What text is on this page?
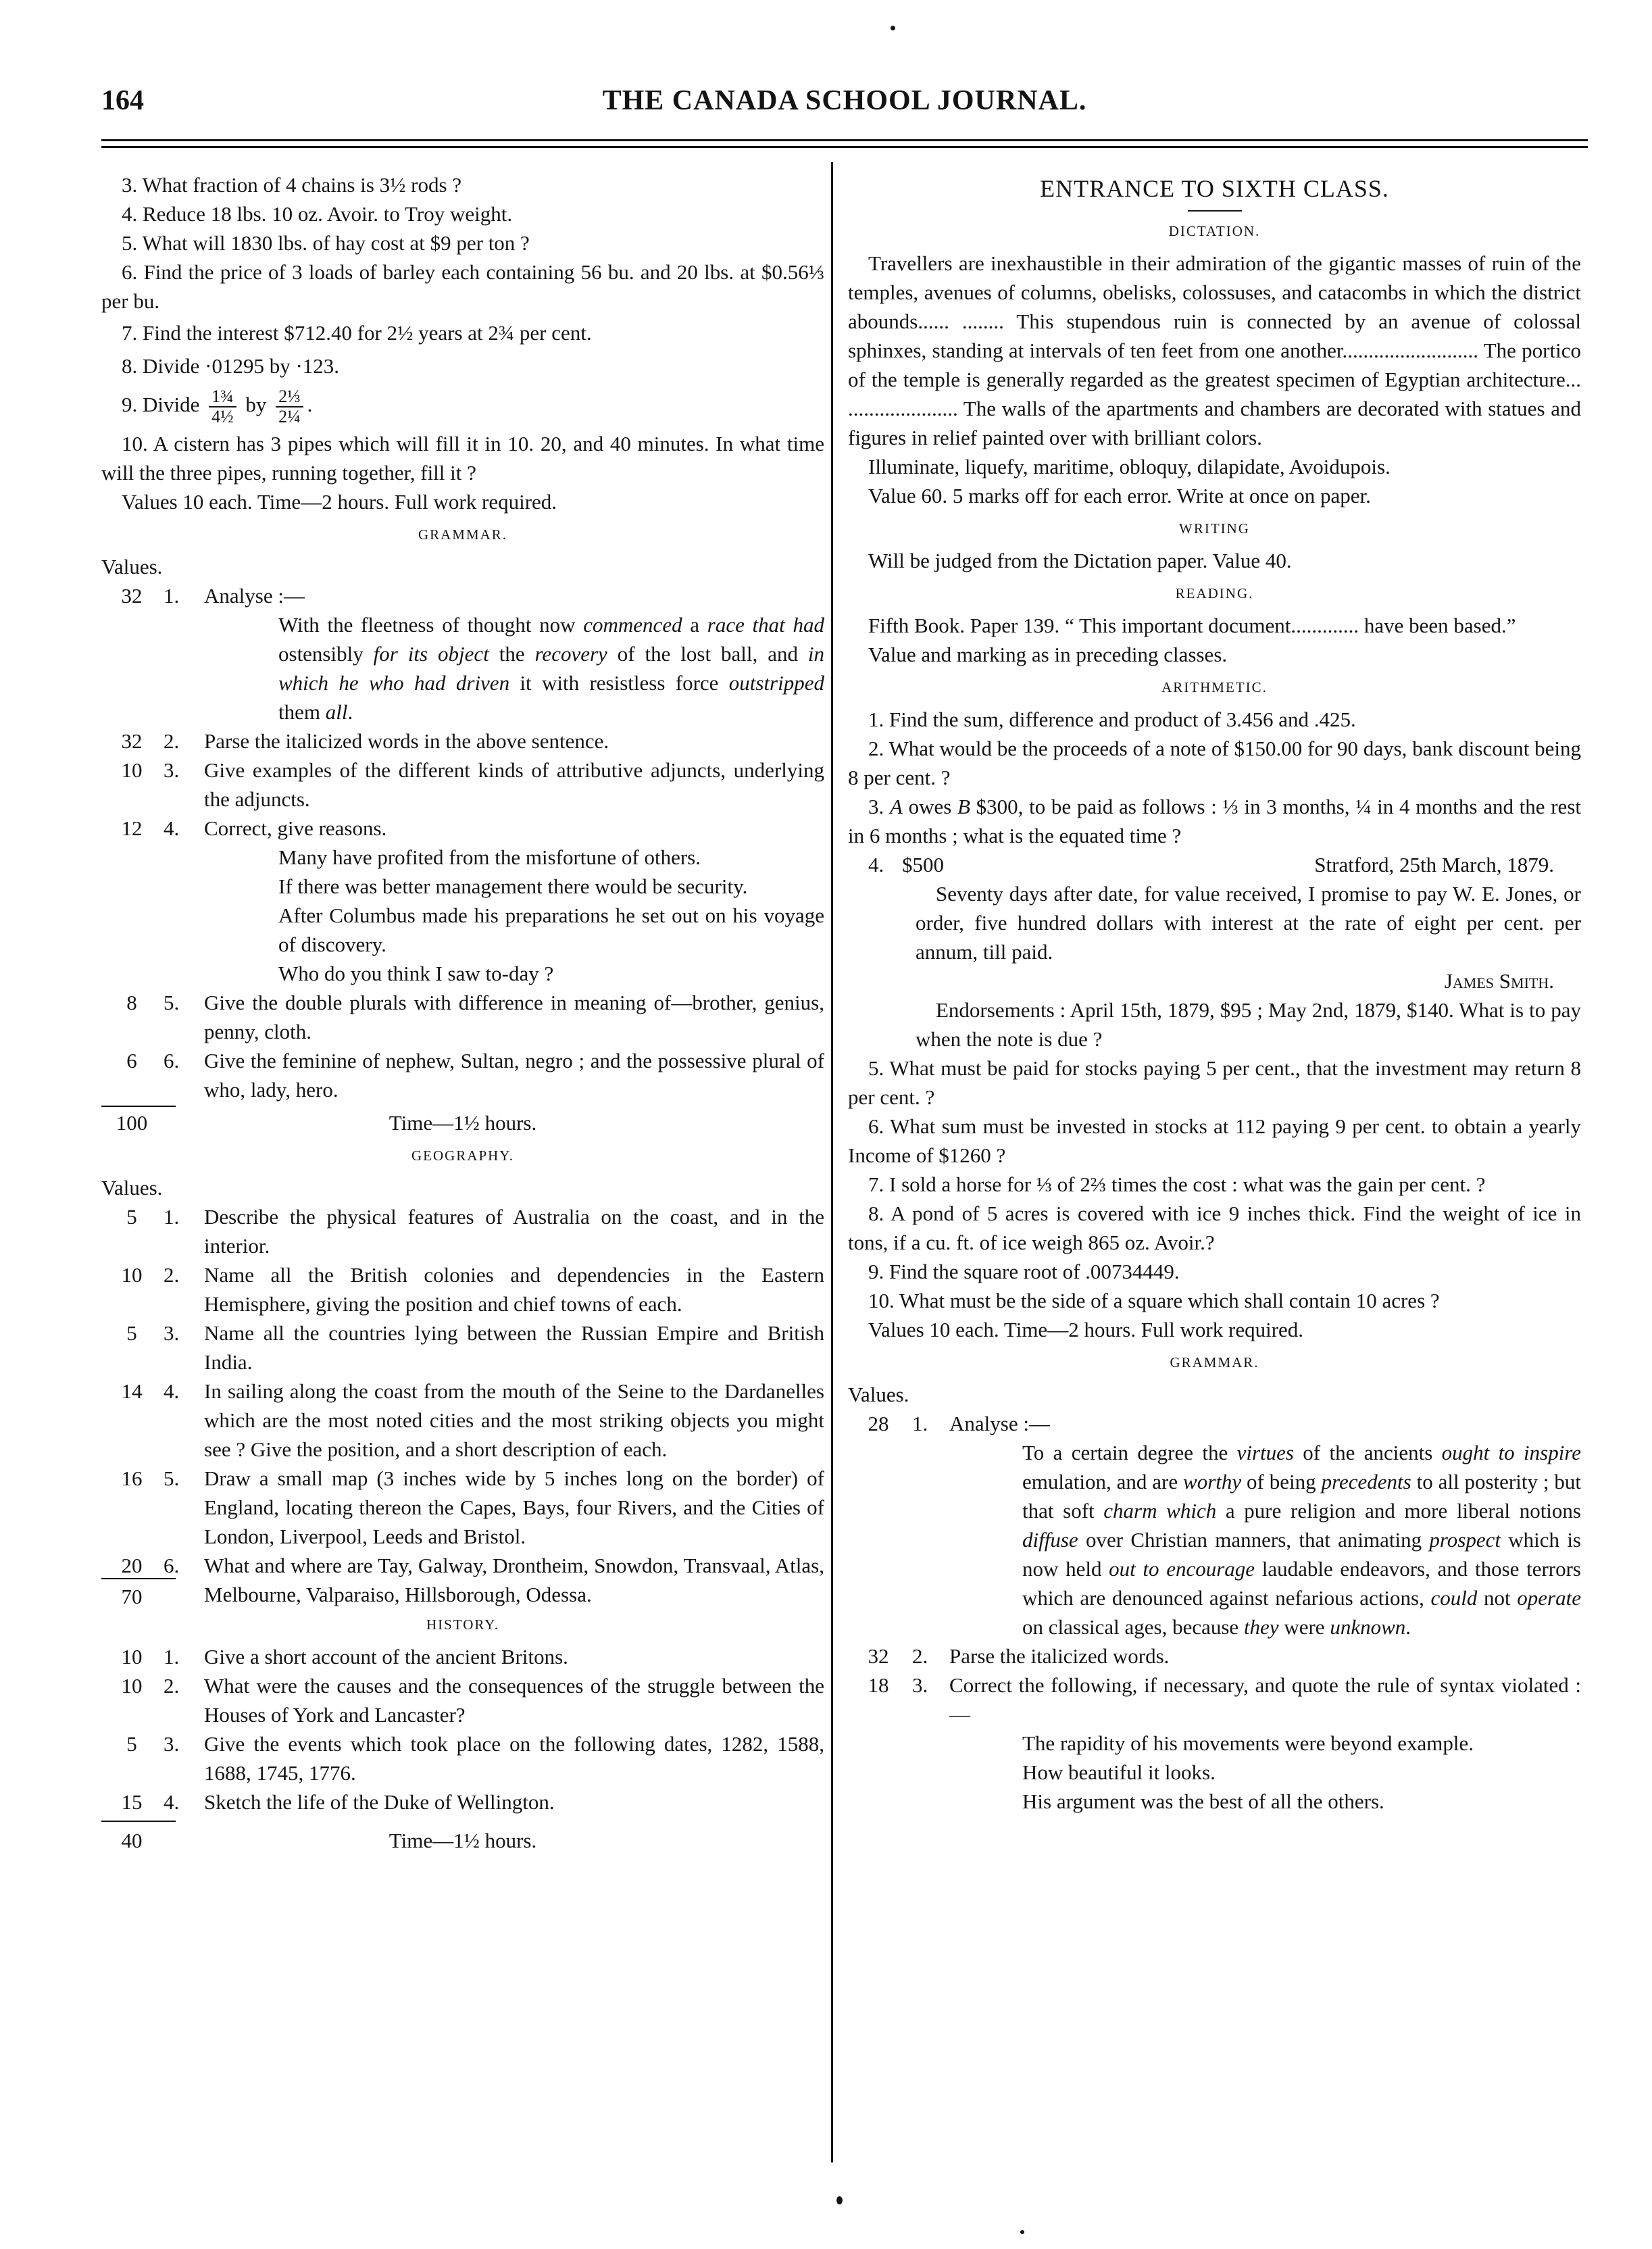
164	THE CANADA SCHOOL JOURNAL.

3. What fraction of 4 chains is 3½ rods ?

4. Reduce 18 lbs. 10 oz. Avoir. to Troy weight.

5. What will 1830 lbs. of hay cost at $9 per ton ?

6. Find the price of 3 loads of barley each containing 56 bu. and 20 lbs. at $0.56⅓ per bu.

7. Find the interest $712.40 for 2½ years at 2¾ per cent.

8. Divide ·01295 by ·123.

9. Divide $\frac{\text{1¾}}{\text{4½}}$ by $\frac{\text{2⅓}}{\text{2¼}}$ .

10. A cistern has 3 pipes which will fill it in 10. 20, and 40 minutes. In what time will the three pipes, running together, fill it ?

Values 10 each. Time—2 hours. Full work required.

GRAMMAR.

Values.

32	1.	Analyse :—

With the fleetness of thought now commenced a race that had ostensibly for its object the recovery of the lost ball, and in which he who had driven it with resistless force outstripped them all.

32	2.	Parse the italicized words in the above sentence.

10	3.	Give examples of the different kinds of attributive adjuncts, underlying the adjuncts.

12	4.	Correct, give reasons.

Many have profited from the misfortune of others.

If there was better management there would be security.

After Columbus made his preparations he set out on his voyage of discovery.

Who do you think I saw to-day ?

8	5.	Give the double plurals with difference in meaning of—brother, genius, penny, cloth.

6	6.	Give the feminine of nephew, Sultan, negro ; and the possessive plural of who, lady, hero.

100	Time—1½ hours.

GEOGRAPHY.

Values.

5	1.	Describe the physical features of Australia on the coast, and in the interior.

10	2.	Name all the British colonies and dependencies in the Eastern Hemisphere, giving the position and chief towns of each.

5	3.	Name all the countries lying between the Russian Empire and British India.

14	4.	In sailing along the coast from the mouth of the Seine to the Dardanelles which are the most noted cities and the most striking objects you might see ? Give the position, and a short description of each.

16	5.	Draw a small map (3 inches wide by 5 inches long on the border) of England, locating thereon the Capes, Bays, four Rivers, and the Cities of London, Liverpool, Leeds and Bristol.

20	6.	What and where are Tay, Galway, Drontheim, Snowdon, Transvaal, Atlas, Melbourne, Valparaiso, Hillsborough, Odessa.

70
HISTORY.
10	1.	Give a short account of the ancient Britons.

10	2.	What were the causes and the consequences of the struggle between the Houses of York and Lancaster?

5	3.	Give the events which took place on the following dates, 1282, 1588, 1688, 1745, 1776.

15	4.	Sketch the life of the Duke of Wellington.

40	Time—1½ hours.

ENTRANCE TO SIXTH CLASS.
DICTATION.

Travellers are inexhaustible in their admiration of the gigantic masses of ruin of the temples, avenues of columns, obelisks, colossuses, and catacombs in which the district abounds...... ........ This stupendous ruin is connected by an avenue of colossal sphinxes, standing at intervals of ten feet from one another.......................... The portico of the temple is generally regarded as the greatest specimen of Egyptian architecture... ..................... The walls of the apartments and chambers are decorated with statues and figures in relief painted over with brilliant colors.

Illuminate, liquefy, maritime, obloquy, dilapidate, Avoidupois.

Value 60. 5 marks off for each error. Write at once on paper.

WRITING

Will be judged from the Dictation paper. Value 40.

READING.

Fifth Book. Paper 139. “ This important document............. have been based.”

Value and marking as in preceding classes.

ARITHMETIC.

1. Find the sum, difference and product of 3.456 and .425.

2. What would be the proceeds of a note of $150.00 for 90 days, bank discount being 8 per cent. ?

3. A owes B $300, to be paid as follows : ⅓ in 3 months, ¼ in 4 months and the rest in 6 months ; what is the equated time ?

4. $500	Stratford, 25th March, 1879.

Seventy days after date, for value received, I promise to pay W. E. Jones, or order, five hundred dollars with interest at the rate of eight per cent. per annum, till paid.

James Smith.

Endorsements : April 15th, 1879, $95 ; May 2nd, 1879, $140. What is to pay when the note is due ?

5. What must be paid for stocks paying 5 per cent., that the investment may return 8 per cent. ?

6. What sum must be invested in stocks at 112 paying 9 per cent. to obtain a yearly Income of $1260 ?

7. I sold a horse for ⅓ of 2⅔ times the cost : what was the gain per cent. ?

8. A pond of 5 acres is covered with ice 9 inches thick. Find the weight of ice in tons, if a cu. ft. of ice weigh 865 oz. Avoir.?

9. Find the square root of .00734449.

10. What must be the side of a square which shall contain 10 acres ?

Values 10 each. Time—2 hours. Full work required.

GRAMMAR.

Values.

28	1.	Analyse :—

To a certain degree the virtues of the ancients ought to inspire emulation, and are worthy of being precedents to all posterity ; but that soft charm which a pure religion and more liberal notions diffuse over Christian manners, that animating prospect which is now held out to encourage laudable endeavors, and those terrors which are denounced against nefarious actions, could not operate on classical ages, because they were unknown.

32	2.	Parse the italicized words.

18	3.	Correct the following, if necessary, and quote the rule of syntax violated :—

The rapidity of his movements were beyond example.

How beautiful it looks.

His argument was the best of all the others.
